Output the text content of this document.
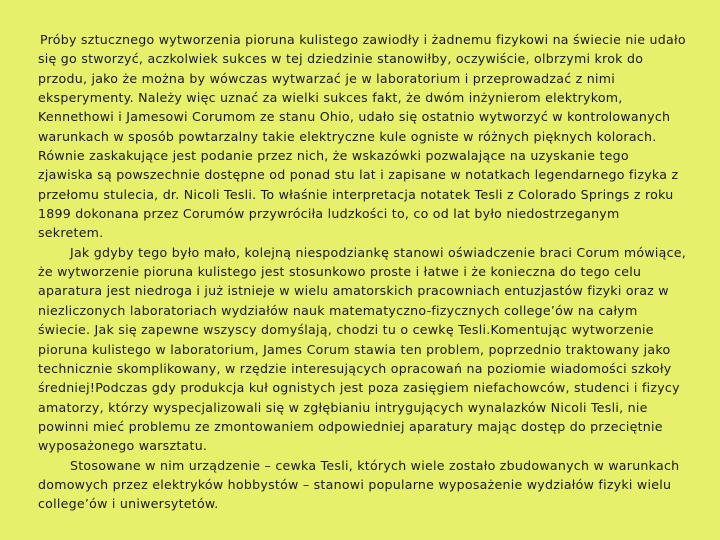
Próby sztucznego wytworzenia pioruna kulistego zawiodły i żadnemu fizykowi na świecie nie udało się go stworzyć, aczkolwiek sukces w tej dziedzinie stanowiłby, oczywiście, olbrzymi krok do przodu, jako że można by wówczas wytwarzać je w laboratorium i przeprowadzać z nimi eksperymenty. Należy więc uznać za wielki sukces fakt, że dwóm inżynierom elektrykom, Kennethowi i Jamesowi Corumom ze stanu Ohio, udało się ostatnio wytworzyć w kontrolowanych warunkach w sposób powtarzalny takie elektryczne kule ogniste w różnych pięknych kolorach. Równie zaskakujące jest podanie przez nich, że wskazówki pozwalające na uzyskanie tego zjawiska są powszechnie dostępne od ponad stu lat i zapisane w notatkach legendarnego fizyka z przełomu stulecia, dr. Nicoli Tesli. To właśnie interpretacja notatek Tesli z Colorado Springs z roku 1899 dokonana przez Corumów przywróciła ludzkości to, co od lat było niedostrzeganym sekretem.

Jak gdyby tego było mało, kolejną niespodziankę stanowi oświadczenie braci Corum mówiące, że wytworzenie pioruna kulistego jest stosunkowo proste i łatwe i że konieczna do tego celu aparatura jest niedroga i już istnieje w wielu amatorskich pracowniach entuzjastów fizyki oraz w niezliczonych laboratoriach wydziałów nauk matematyczno-fizycznych college’ów na całym świecie. Jak się zapewne wszyscy domyślają, chodzi tu o cewkę Tesli.Komentując wytworzenie pioruna kulistego w laboratorium, James Corum stawia ten problem, poprzednio traktowany jako technicznie skomplikowany, w rzędzie interesujących opracowań na poziomie wiadomości szkoły średniej!Podczas gdy produkcja kuł ognistych jest poza zasięgiem niefachowców, studenci i fizycy amatorzy, którzy wyspecjalizowali się w zgłębianiu intrygujących wynalazków Nicoli Tesli, nie powinni mieć problemu ze zmontowaniem odpowiedniej aparatury mając dostęp do przeciętnie wyposażonego warsztatu.

Stosowane w nim urządzenie – cewka Tesli, których wiele zostało zbudowanych w warunkach domowych przez elektryków hobbystów – stanowi popularne wyposażenie wydziałów fizyki wielu college’ów i uniwersytetów.
